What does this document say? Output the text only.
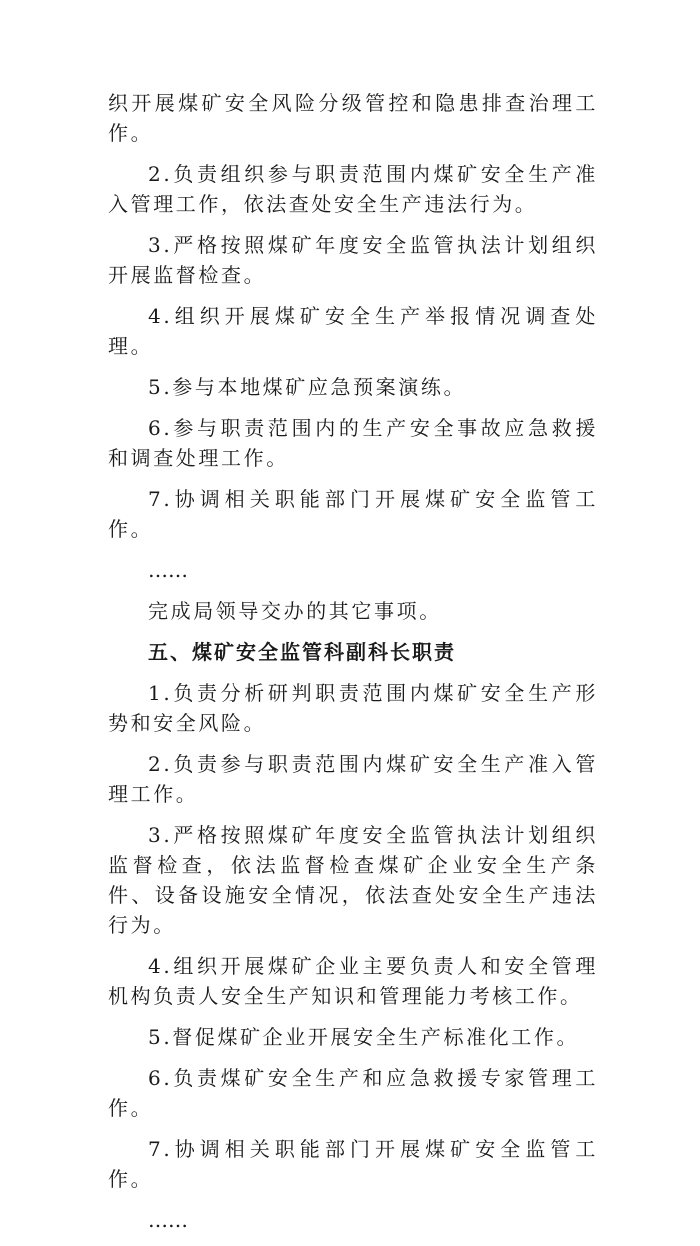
织开展煤矿安全风险分级管控和隐患排查治理工作。

2.负责组织参与职责范围内煤矿安全生产准入管理工作，依法查处安全生产违法行为。

3.严格按照煤矿年度安全监管执法计划组织开展监督检查。

4.组织开展煤矿安全生产举报情况调查处理。

5.参与本地煤矿应急预案演练。

6.参与职责范围内的生产安全事故应急救援和调查处理工作。

7.协调相关职能部门开展煤矿安全监管工作。

……

完成局领导交办的其它事项。

五、煤矿安全监管科副科长职责

1.负责分析研判职责范围内煤矿安全生产形势和安全风险。

2.负责参与职责范围内煤矿安全生产准入管理工作。

3.严格按照煤矿年度安全监管执法计划组织监督检查，依法监督检查煤矿企业安全生产条件、设备设施安全情况，依法查处安全生产违法行为。

4.组织开展煤矿企业主要负责人和安全管理机构负责人安全生产知识和管理能力考核工作。

5.督促煤矿企业开展安全生产标准化工作。

6.负责煤矿安全生产和应急救援专家管理工作。

7.协调相关职能部门开展煤矿安全监管工作。

……
